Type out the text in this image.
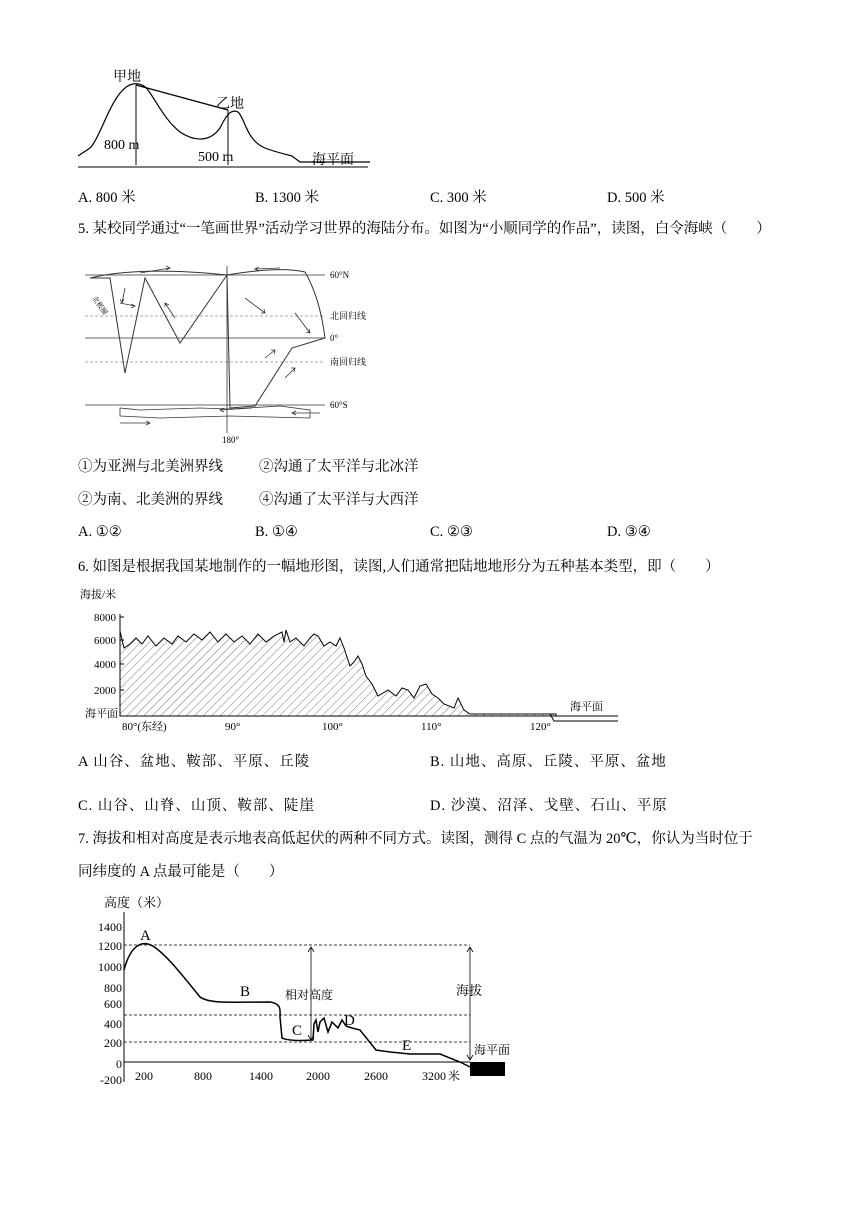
甲地
乙地
800 m
500 m	海平面
A. 800 米	B. 1300 米	C. 300 米	D. 500 米
5. 某校同学通过“一笔画世界”活动学习世界的海陆分布。如图为“小顺同学的作品”，读图，白令海峡（　　）
60°N
北回归线
0°
南回归线
60°S
180°
北极圈
①为亚洲与北美洲界线 ②沟通了太平洋与北冰洋
②为南、北美洲的界线 ④沟通了太平洋与大西洋
A. ①②	B. ①④	C. ②③	D. ③④
6. 如图是根据我国某地制作的一幅地形图，读图,人们通常把陆地地形分为五种基本类型，即（　　）
海拔/米
8000
6000
4000
2000
海平面
海平面
80°(东经)	90°	100°	110°	120°
A 山谷、盆地、鞍部、平原、丘陵	B. 山地、高原、丘陵、平原、盆地
C. 山谷、山脊、山顶、鞍部、陡崖	D. 沙漠、沼泽、戈壁、石山、平原
7. 海拔和相对高度是表示地表高低起伏的两种不同方式。读图，测得 C 点的气温为 20℃，你认为当时位于
同纬度的 A 点最可能是（　　）
高度（米）
1400
1200
1000
800
600
400
200
0
-200
A
B
C
D
E
相对高度	海拔
海平面
200	800	1400	2000	2600	3200 米
